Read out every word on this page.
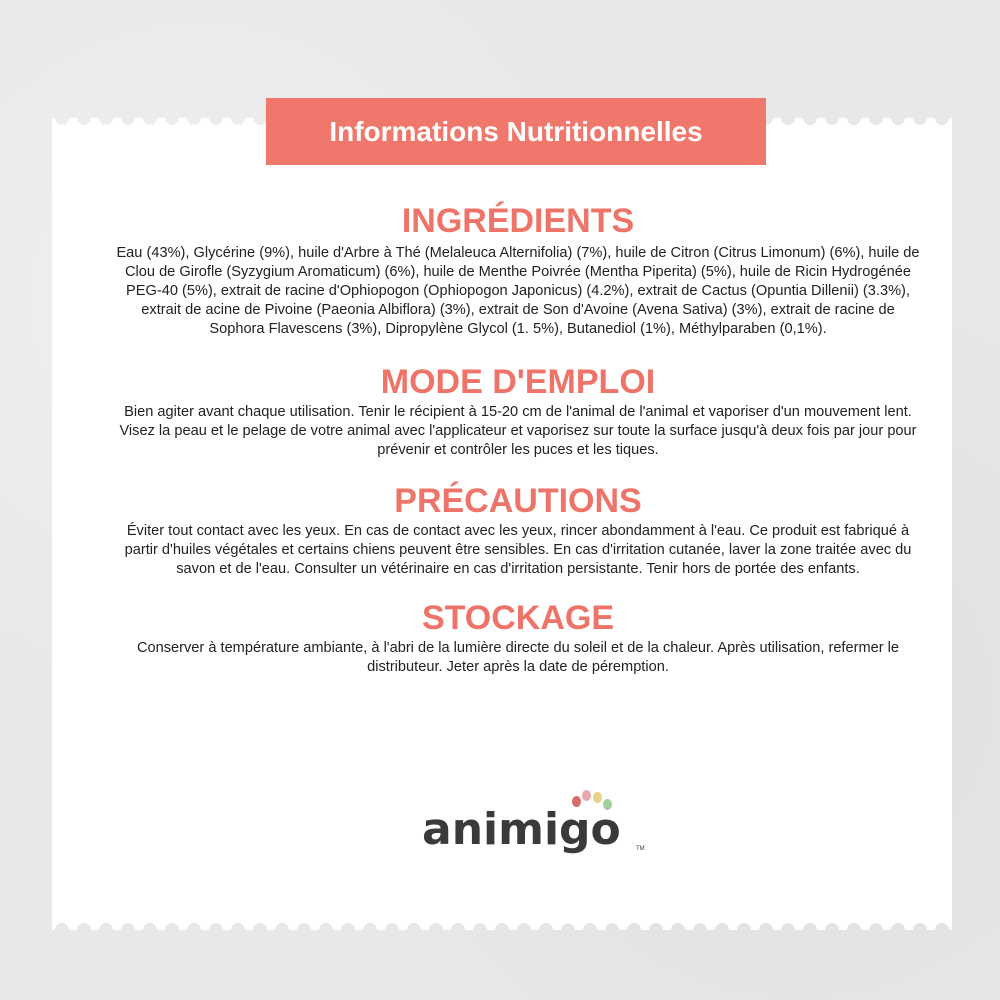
Informations Nutritionnelles
INGRÉDIENTS

Eau (43%), Glycérine (9%), huile d'Arbre à Thé (Melaleuca Alternifolia) (7%), huile de Citron (Citrus Limonum) (6%), huile de Clou de Girofle (Syzygium Aromaticum) (6%), huile de Menthe Poivrée (Mentha Piperita) (5%), huile de Ricin Hydrogénée PEG-40 (5%), extrait de racine d'Ophiopogon (Ophiopogon Japonicus) (4.2%), extrait de Cactus (Opuntia Dillenii) (3.3%), extrait de acine de Pivoine (Paeonia Albiflora) (3%), extrait de Son d'Avoine (Avena Sativa) (3%), extrait de racine de Sophora Flavescens (3%), Dipropylène Glycol (1. 5%), Butanediol (1%), Méthylparaben (0,1%).

MODE D'EMPLOI

Bien agiter avant chaque utilisation. Tenir le récipient à 15-20 cm de l'animal de l'animal et vaporiser d'un mouvement lent. Visez la peau et le pelage de votre animal avec l'applicateur et vaporisez sur toute la surface jusqu'à deux fois par jour pour prévenir et contrôler les puces et les tiques.

PRÉCAUTIONS

Éviter tout contact avec les yeux. En cas de contact avec les yeux, rincer abondamment à l'eau. Ce produit est fabriqué à partir d'huiles végétales et certains chiens peuvent être sensibles. En cas d'irritation cutanée, laver la zone traitée avec du savon et de l'eau. Consulter un vétérinaire en cas d'irritation persistante. Tenir hors de portée des enfants.

STOCKAGE

Conserver à température ambiante, à l'abri de la lumière directe du soleil et de la chaleur. Après utilisation, refermer le distributeur. Jeter après la date de péremption.

animigo	TM
